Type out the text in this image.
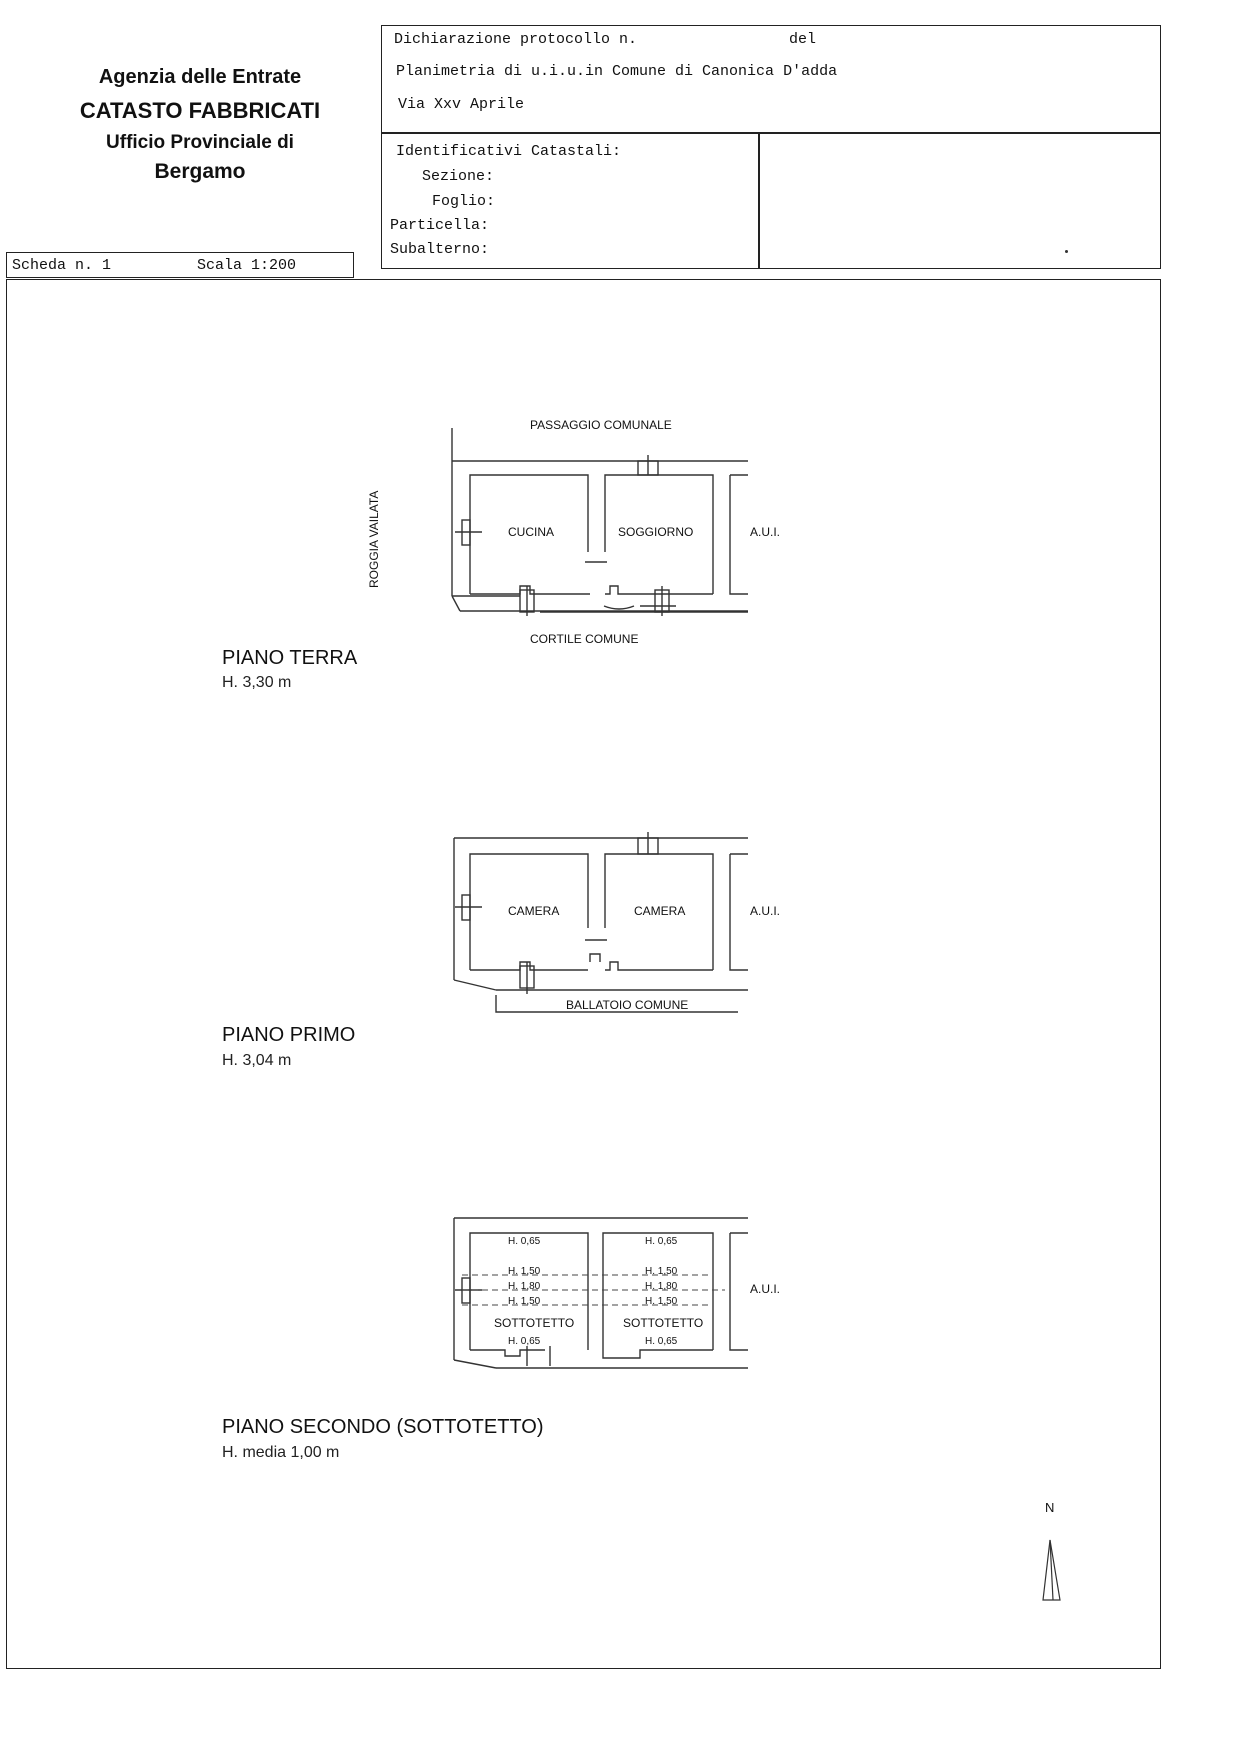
Agenzia delle Entrate
CATASTO FABBRICATI
Ufficio Provinciale di
Bergamo
Scheda n. 1	Scala 1:200
Dichiarazione protocollo n.	del
Planimetria di u.i.u.in Comune di Canonica D'adda
Via Xxv Aprile
Identificativi Catastali:
Sezione:
Foglio:
Particella:
Subalterno:
PASSAGGIO COMUNALE
ROGGIA VAILATA	CUCINA	SOGGIORNO	A.U.I.
CORTILE COMUNE
PIANO TERRA
H. 3,30 m
CAMERA	CAMERA	A.U.I.
BALLATOIO COMUNE
PIANO PRIMO
H. 3,04 m
H. 0,65	H. 0,65
H. 1,50
H. 1,80
H. 1,50
H. 1,50
H. 1,80
H. 1,50
SOTTOTETTO	SOTTOTETTO
H. 0,65	H. 0,65
A.U.I.
PIANO SECONDO (SOTTOTETTO)
H. media 1,00 m
N
